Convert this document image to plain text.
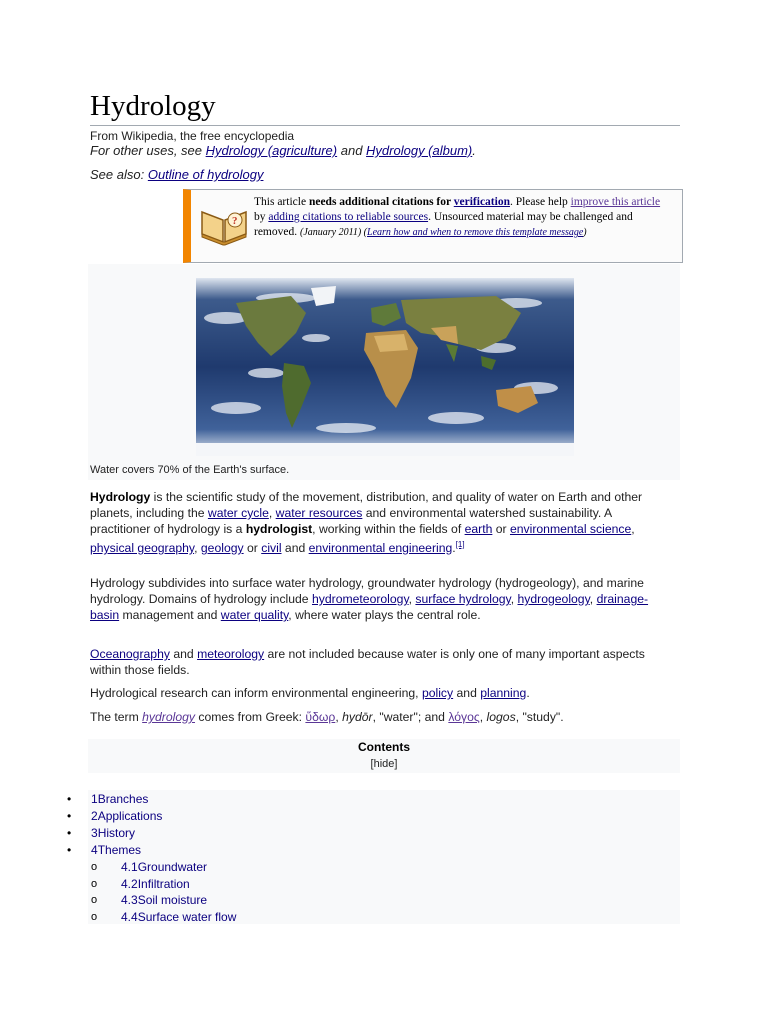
Hydrology
From Wikipedia, the free encyclopedia
For other uses, see Hydrology (agriculture) and Hydrology (album).
See also: Outline of hydrology
?
This article needs additional citations for verification. Please help improve this article by adding citations to reliable sources. Unsourced material may be challenged and removed. (January 2011) (Learn how and when to remove this template message)
Water covers 70% of the Earth's surface.
Hydrology is the scientific study of the movement, distribution, and quality of water on Earth and other planets, including the water cycle, water resources and environmental watershed sustainability. A practitioner of hydrology is a hydrologist, working within the fields of earth or environmental science, physical geography, geology or civil and environmental engineering.[1]
Hydrology subdivides into surface water hydrology, groundwater hydrology (hydrogeology), and marine hydrology. Domains of hydrology include hydrometeorology, surface hydrology, hydrogeology, drainage-basin management and water quality, where water plays the central role.
Oceanography and meteorology are not included because water is only one of many important aspects within those fields.
Hydrological research can inform environmental engineering, policy and planning.
The term hydrology comes from Greek: ὕδωρ, hydōr, "water"; and λόγος, logos, "study".
Contents
[hide]
• 1Branches
• 2Applications
• 3History
• 4Themes
o 4.1Groundwater
o 4.2Infiltration
o 4.3Soil moisture
o 4.4Surface water flow
